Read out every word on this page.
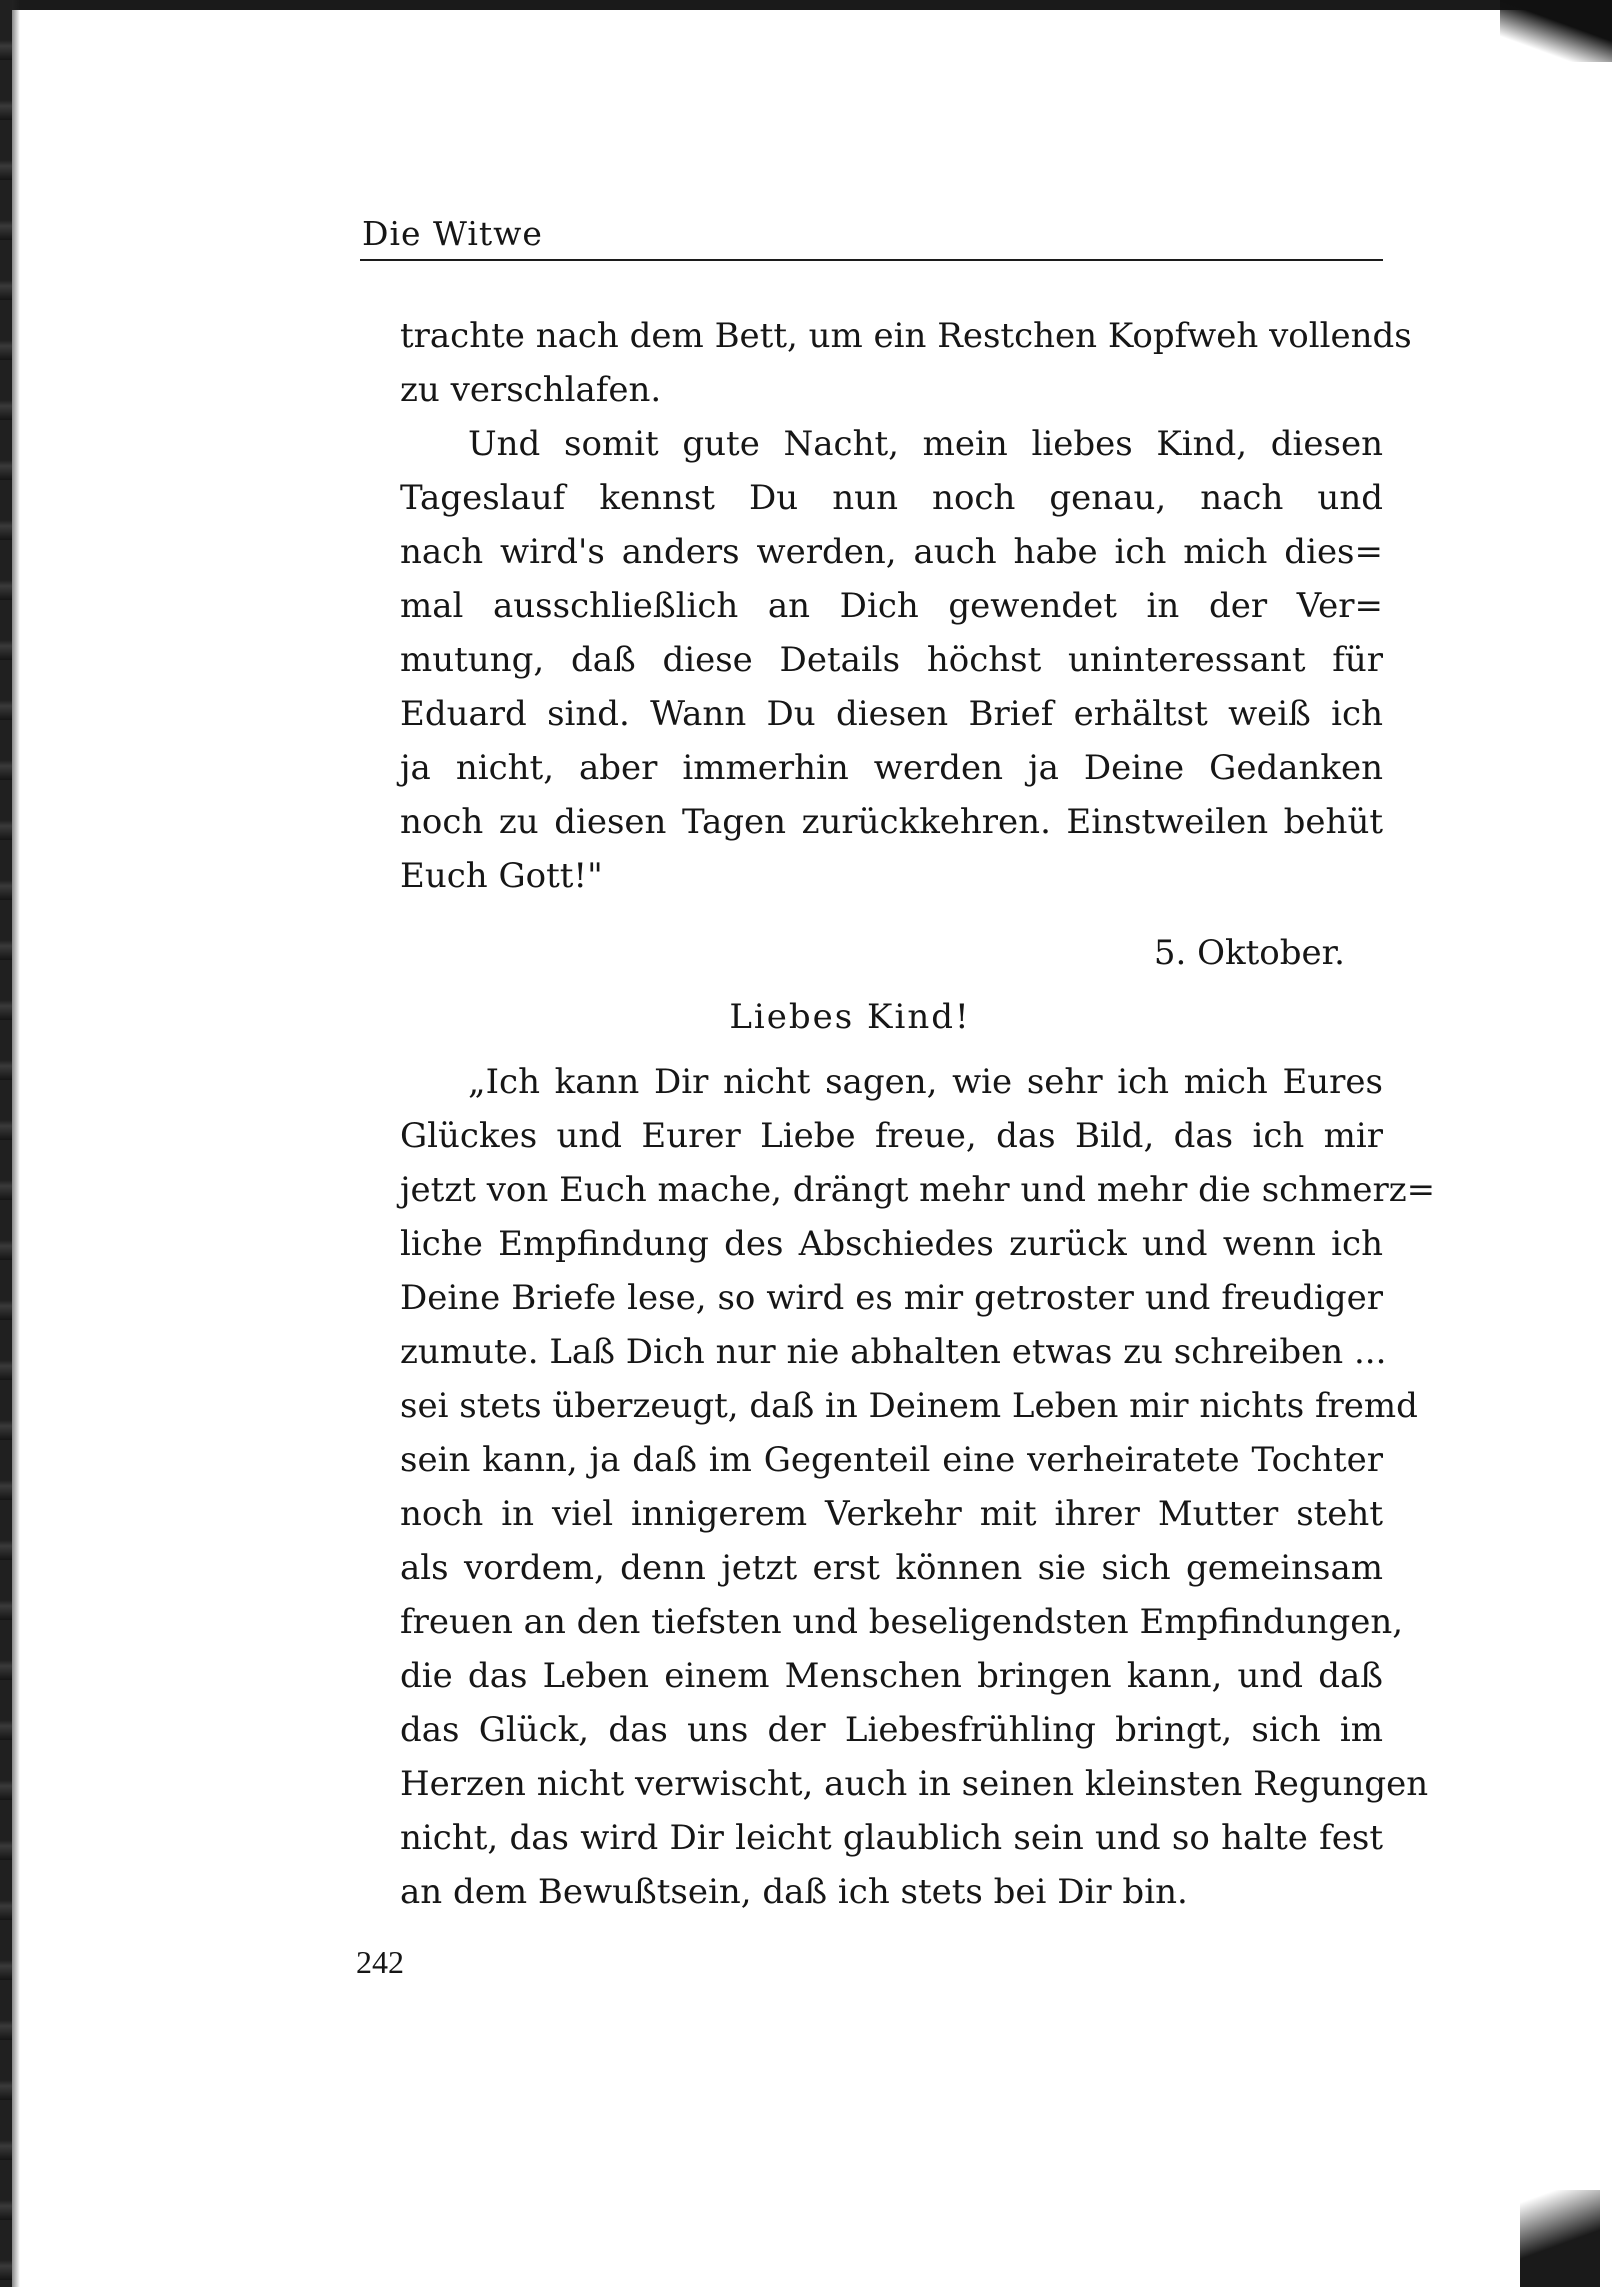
Die Witwe
trachte nach dem Bett, um ein Restchen Kopfweh vollends
zu verschlafen.
Und somit gute Nacht, mein liebes Kind, diesen
Tageslauf kennst Du nun noch genau, nach und
nach wird's anders werden, auch habe ich mich dies=
mal ausschließlich an Dich gewendet in der Ver=
mutung, daß diese Details höchst uninteressant für
Eduard sind. Wann Du diesen Brief erhältst weiß ich
ja nicht, aber immerhin werden ja Deine Gedanken
noch zu diesen Tagen zurückkehren. Einstweilen behüt
Euch Gott!"
5. Oktober.
Liebes Kind!
„Ich kann Dir nicht sagen, wie sehr ich mich Eures
Glückes und Eurer Liebe freue, das Bild, das ich mir
jetzt von Euch mache, drängt mehr und mehr die schmerz=
liche Empfindung des Abschiedes zurück und wenn ich
Deine Briefe lese, so wird es mir getroster und freudiger
zumute. Laß Dich nur nie abhalten etwas zu schreiben ...
sei stets überzeugt, daß in Deinem Leben mir nichts fremd
sein kann, ja daß im Gegenteil eine verheiratete Tochter
noch in viel innigerem Verkehr mit ihrer Mutter steht
als vordem, denn jetzt erst können sie sich gemeinsam
freuen an den tiefsten und beseligendsten Empfindungen,
die das Leben einem Menschen bringen kann, und daß
das Glück, das uns der Liebesfrühling bringt, sich im
Herzen nicht verwischt, auch in seinen kleinsten Regungen
nicht, das wird Dir leicht glaublich sein und so halte fest
an dem Bewußtsein, daß ich stets bei Dir bin.
242
